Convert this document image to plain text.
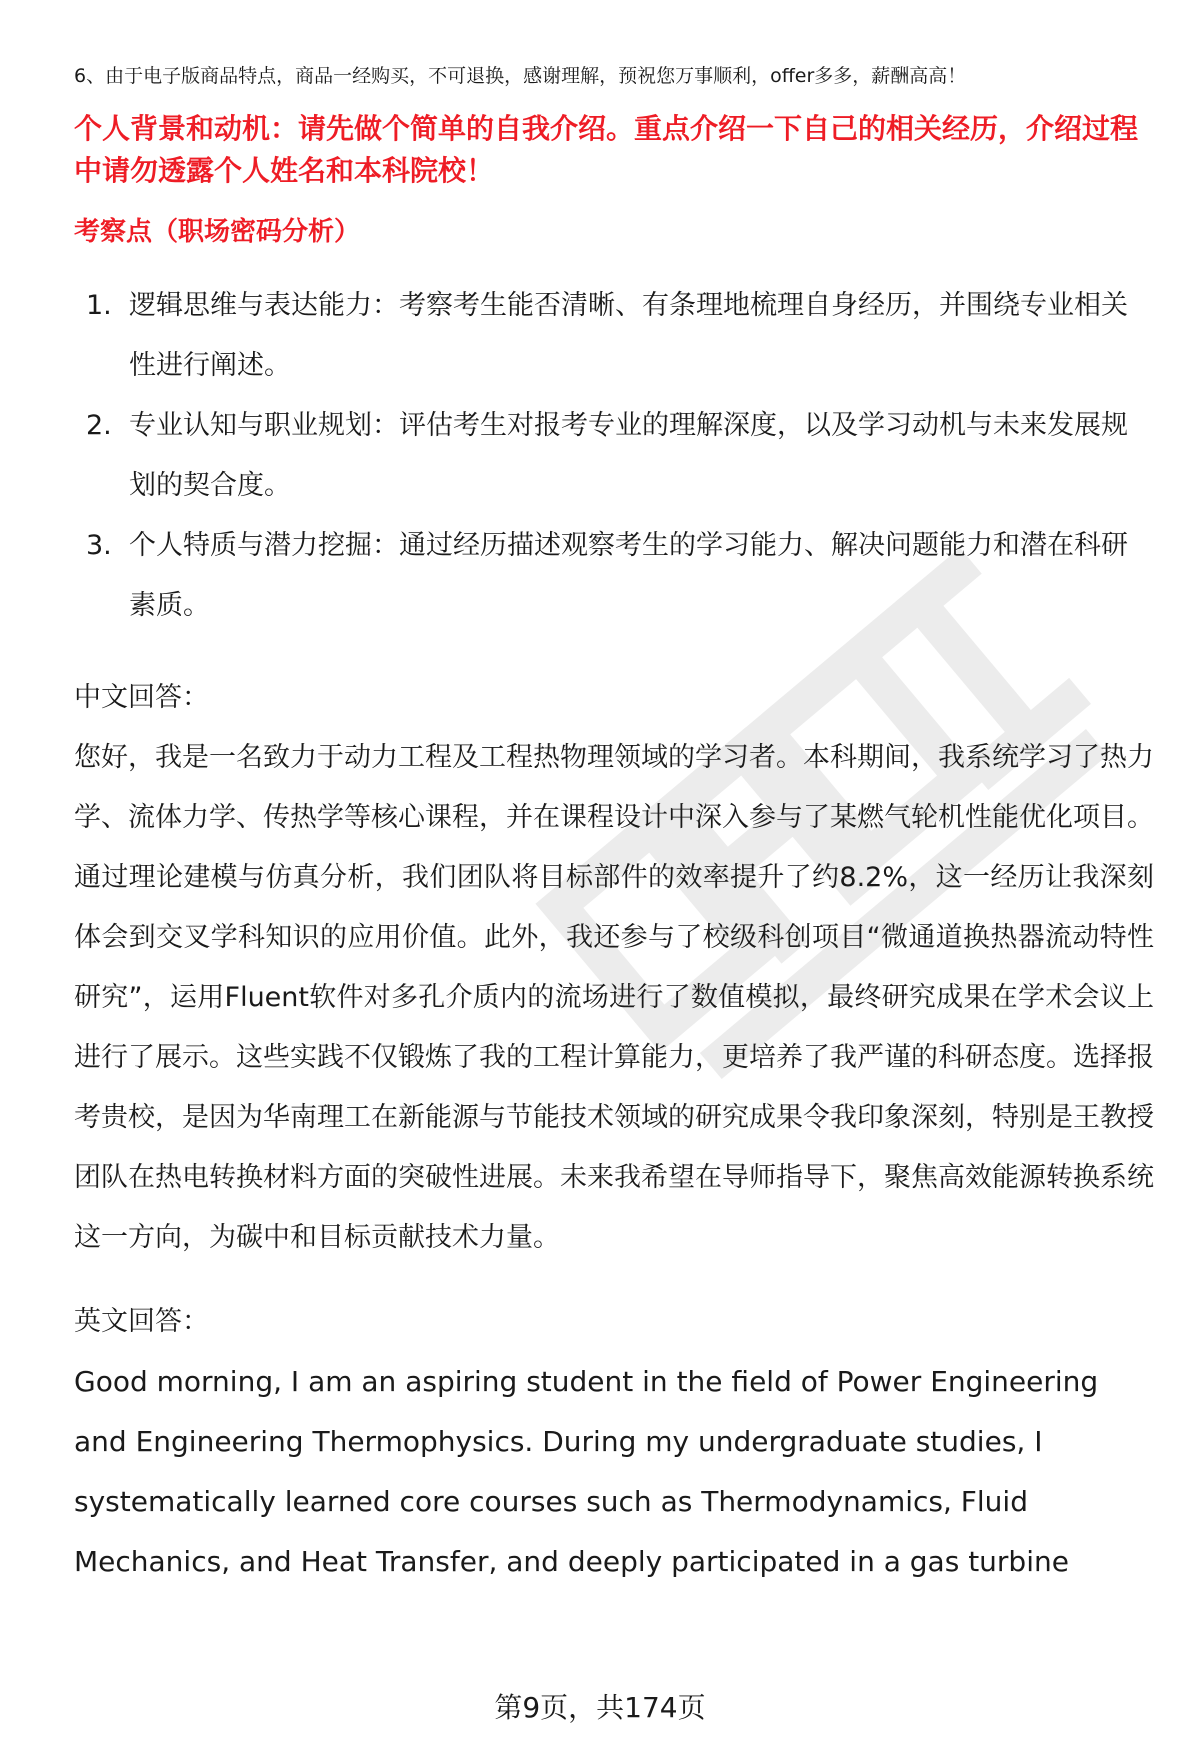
6、由于电子版商品特点，商品一经购买，不可退换，感谢理解，预祝您万事顺利，offer多多，薪酬高高！

个人背景和动机：请先做个简单的自我介绍。重点介绍一下自己的相关经历，介绍过程中请勿透露个人姓名和本科院校！

考察点（职场密码分析）

1. 逻辑思维与表达能力：考察考生能否清晰、有条理地梳理自身经历，并围绕专业相关性进行阐述。
2. 专业认知与职业规划：评估考生对报考专业的理解深度，以及学习动机与未来发展规划的契合度。
3. 个人特质与潜力挖掘：通过经历描述观察考生的学习能力、解决问题能力和潜在科研素质。

中文回答：

您好，我是一名致力于动力工程及工程热物理领域的学习者。本科期间，我系统学习了热力学、流体力学、传热学等核心课程，并在课程设计中深入参与了某燃气轮机性能优化项目。通过理论建模与仿真分析，我们团队将目标部件的效率提升了约8.2%，这一经历让我深刻体会到交叉学科知识的应用价值。此外，我还参与了校级科创项目“微通道换热器流动特性研究”，运用Fluent软件对多孔介质内的流场进行了数值模拟，最终研究成果在学术会议上进行了展示。这些实践不仅锻炼了我的工程计算能力，更培养了我严谨的科研态度。选择报考贵校，是因为华南理工在新能源与节能技术领域的研究成果令我印象深刻，特别是王教授团队在热电转换材料方面的突破性进展。未来我希望在导师指导下，聚焦高效能源转换系统这一方向，为碳中和目标贡献技术力量。

英文回答：

Good morning, I am an aspiring student in the field of Power Engineering and Engineering Thermophysics. During my undergraduate studies, I systematically learned core courses such as Thermodynamics, Fluid Mechanics, and Heat Transfer, and deeply participated in a gas turbine

第9页，共174页
